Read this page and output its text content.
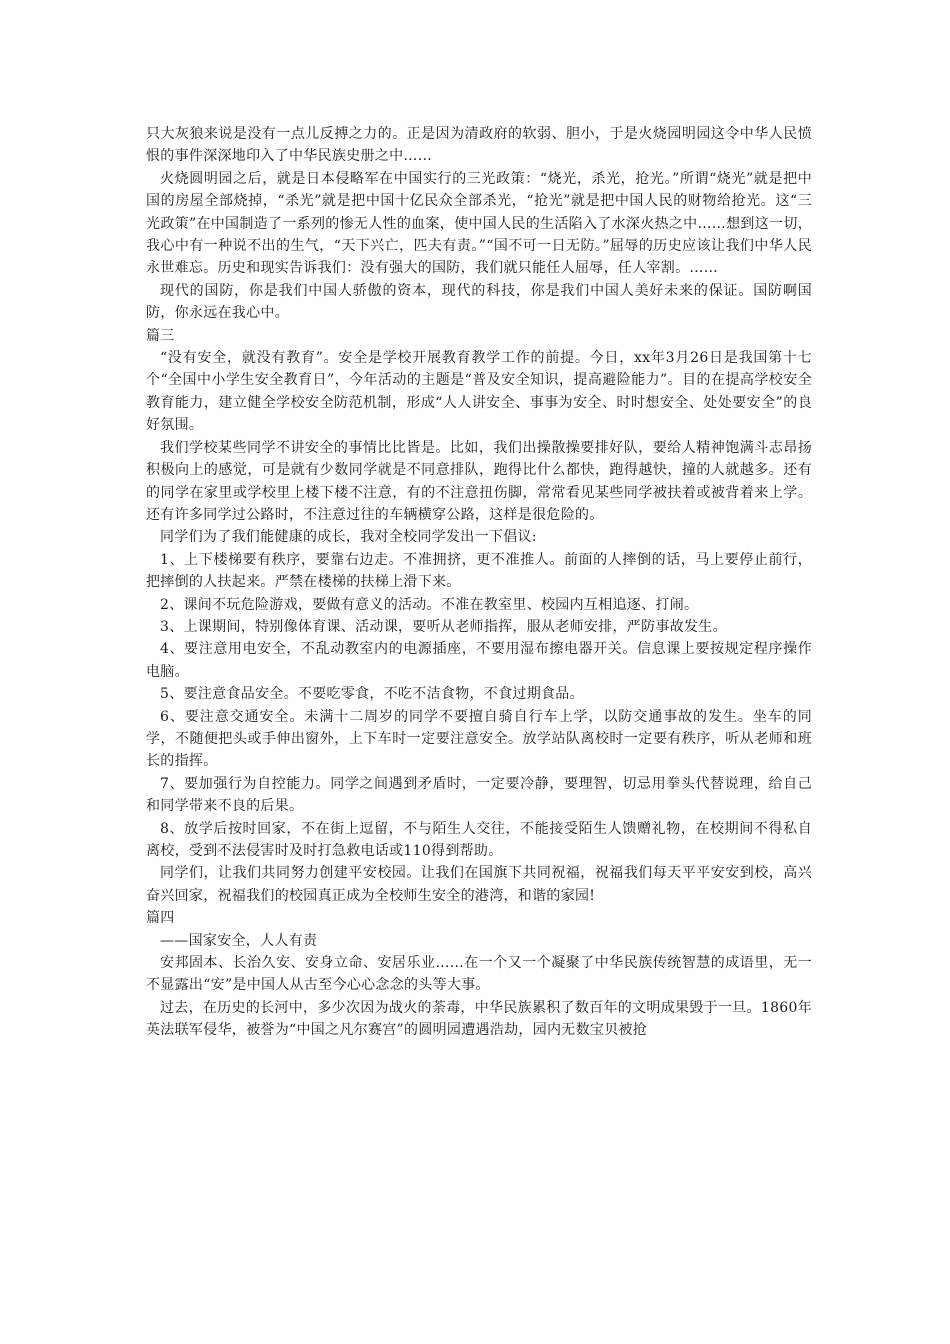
只大灰狼来说是没有一点儿反搏之力的。正是因为清政府的软弱、胆小，于是火烧园明园这令中华人民愤恨的事件深深地印入了中华民族史册之中……

火烧圆明园之后，就是日本侵略军在中国实行的三光政策：“烧光，杀光，抢光。”所谓“烧光”就是把中国的房屋全部烧掉，“杀光”就是把中国十亿民众全部杀光，“抢光”就是把中国人民的财物给抢光。这“三光政策”在中国制造了一系列的惨无人性的血案，使中国人民的生活陷入了水深火热之中……想到这一切，我心中有一种说不出的生气，“天下兴亡，匹夫有责。”“国不可一日无防。”屈辱的历史应该让我们中华人民永世难忘。历史和现实告诉我们：没有强大的国防，我们就只能任人屈辱，任人宰割。……

现代的国防，你是我们中国人骄傲的资本，现代的科技，你是我们中国人美好未来的保证。国防啊国防，你永远在我心中。

篇三

“没有安全，就没有教育”。安全是学校开展教育教学工作的前提。今日，xx年3月26日是我国第十七个“全国中小学生安全教育日”，今年活动的主题是“普及安全知识，提高避险能力”。目的在提高学校安全教育能力，建立健全学校安全防范机制，形成“人人讲安全、事事为安全、时时想安全、处处要安全”的良好氛围。

我们学校某些同学不讲安全的事情比比皆是。比如，我们出操散操要排好队，要给人精神饱满斗志昂扬积极向上的感觉，可是就有少数同学就是不同意排队，跑得比什么都快，跑得越快，撞的人就越多。还有的同学在家里或学校里上楼下楼不注意，有的不注意扭伤脚，常常看见某些同学被扶着或被背着来上学。还有许多同学过公路时，不注意过往的车辆横穿公路，这样是很危险的。

同学们为了我们能健康的成长，我对全校同学发出一下倡议:

1、上下楼梯要有秩序，要靠右边走。不准拥挤，更不准推人。前面的人摔倒的话，马上要停止前行，把摔倒的人扶起来。严禁在楼梯的扶梯上滑下来。

2、课间不玩危险游戏，要做有意义的活动。不准在教室里、校园内互相追逐、打闹。

3、上课期间，特别像体育课、活动课，要听从老师指挥，服从老师安排，严防事故发生。

4、要注意用电安全，不乱动教室内的电源插座，不要用湿布擦电器开关。信息课上要按规定程序操作电脑。

5、要注意食品安全。不要吃零食，不吃不洁食物，不食过期食品。

6、要注意交通安全。未满十二周岁的同学不要擅自骑自行车上学，以防交通事故的发生。坐车的同学，不随便把头或手伸出窗外，上下车时一定要注意安全。放学站队离校时一定要有秩序，听从老师和班长的指挥。

7、要加强行为自控能力。同学之间遇到矛盾时，一定要冷静，要理智，切忌用拳头代替说理，给自己和同学带来不良的后果。

8、放学后按时回家，不在街上逗留，不与陌生人交往，不能接受陌生人馈赠礼物，在校期间不得私自离校，受到不法侵害时及时打急救电话或110得到帮助。

同学们，让我们共同努力创建平安校园。让我们在国旗下共同祝福，祝福我们每天平平安安到校，高兴奋兴回家，祝福我们的校园真正成为全校师生安全的港湾，和谐的家园!

篇四

——国家安全，人人有责

安邦固本、长治久安、安身立命、安居乐业……在一个又一个凝聚了中华民族传统智慧的成语里，无一不显露出“安”是中国人从古至今心心念念的头等大事。

过去，在历史的长河中，多少次因为战火的荼毒，中华民族累积了数百年的文明成果毁于一旦。1860年英法联军侵华，被誉为“中国之凡尔赛宫”的圆明园遭遇浩劫，园内无数宝贝被抢
